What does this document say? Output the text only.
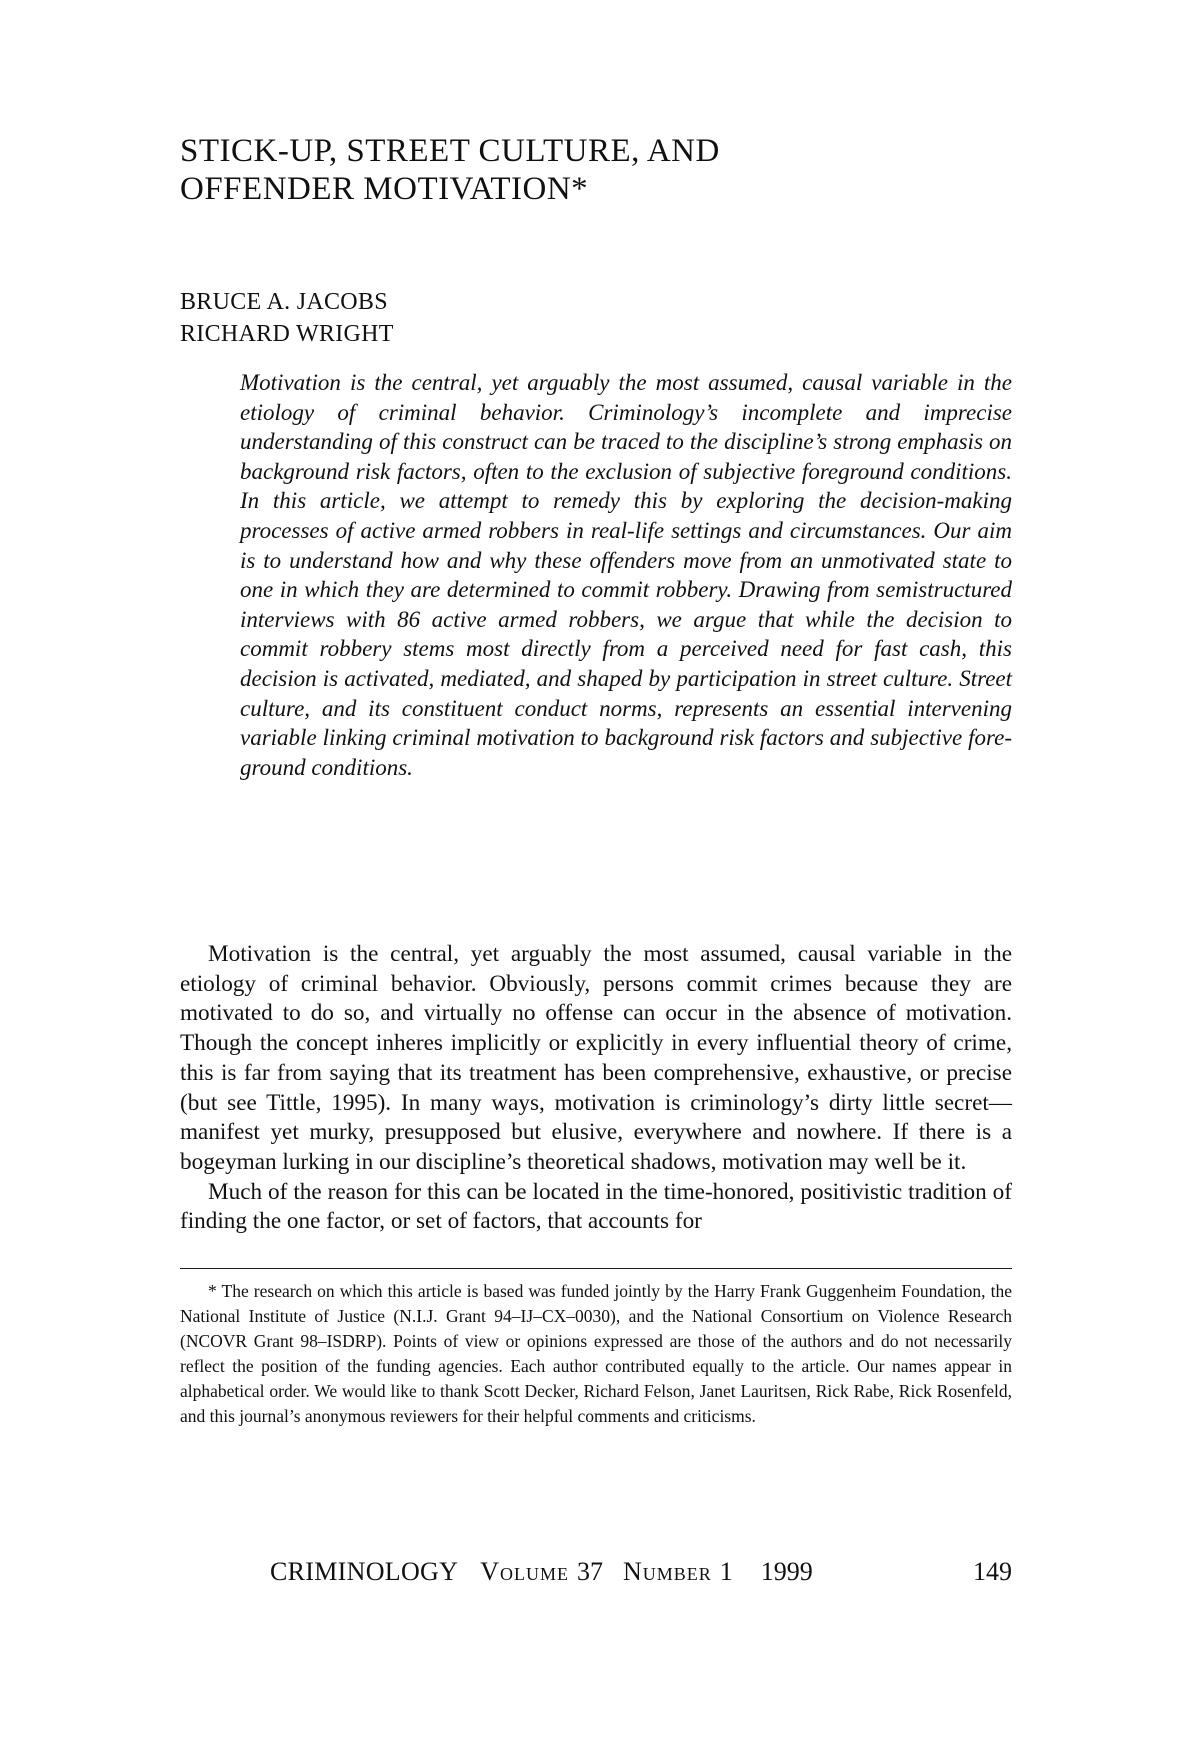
STICK-UP, STREET CULTURE, AND
OFFENDER MOTIVATION*
BRUCE A. JACOBS
RICHARD WRIGHT

Motivation is the central, yet arguably the most assumed, causal variable in the etiology of criminal behavior. Criminology’s incomplete and imprecise understanding of this construct can be traced to the discipline’s strong emphasis on background risk factors, often to the exclusion of subjective foreground conditions. In this article, we attempt to remedy this by exploring the decision-making processes of active armed robbers in real-life settings and circumstances. Our aim is to understand how and why these offenders move from an unmotivated state to one in which they are determined to commit robbery. Drawing from semistructured interviews with 86 active armed robbers, we argue that while the decision to commit robbery stems most directly from a perceived need for fast cash, this decision is activated, mediated, and shaped by participation in street culture. Street culture, and its constituent conduct norms, represents an essential intervening variable linking criminal motivation to background risk factors and subjective foreground conditions.

Motivation is the central, yet arguably the most assumed, causal variable in the etiology of criminal behavior. Obviously, persons commit crimes because they are motivated to do so, and virtually no offense can occur in the absence of motivation. Though the concept inheres implicitly or explicitly in every influential theory of crime, this is far from saying that its treatment has been comprehensive, exhaustive, or precise (but see Tittle, 1995). In many ways, motivation is criminology’s dirty little secret—manifest yet murky, presupposed but elusive, everywhere and nowhere. If there is a bogeyman lurking in our discipline’s theoretical shadows, motivation may well be it.

Much of the reason for this can be located in the time-honored, positivistic tradition of finding the one factor, or set of factors, that accounts for

* The research on which this article is based was funded jointly by the Harry Frank Guggenheim Foundation, the National Institute of Justice (N.I.J. Grant 94–IJ–CX–0030), and the National Consortium on Violence Research (NCOVR Grant 98–ISDRP). Points of view or opinions expressed are those of the authors and do not necessarily reflect the position of the funding agencies. Each author contributed equally to the article. Our names appear in alphabetical order. We would like to thank Scott Decker, Richard Felson, Janet Lauritsen, Rick Rabe, Rick Rosenfeld, and this journal’s anonymous reviewers for their helpful comments and criticisms.

CRIMINOLOGY Volume 37 Number 1 1999	149
